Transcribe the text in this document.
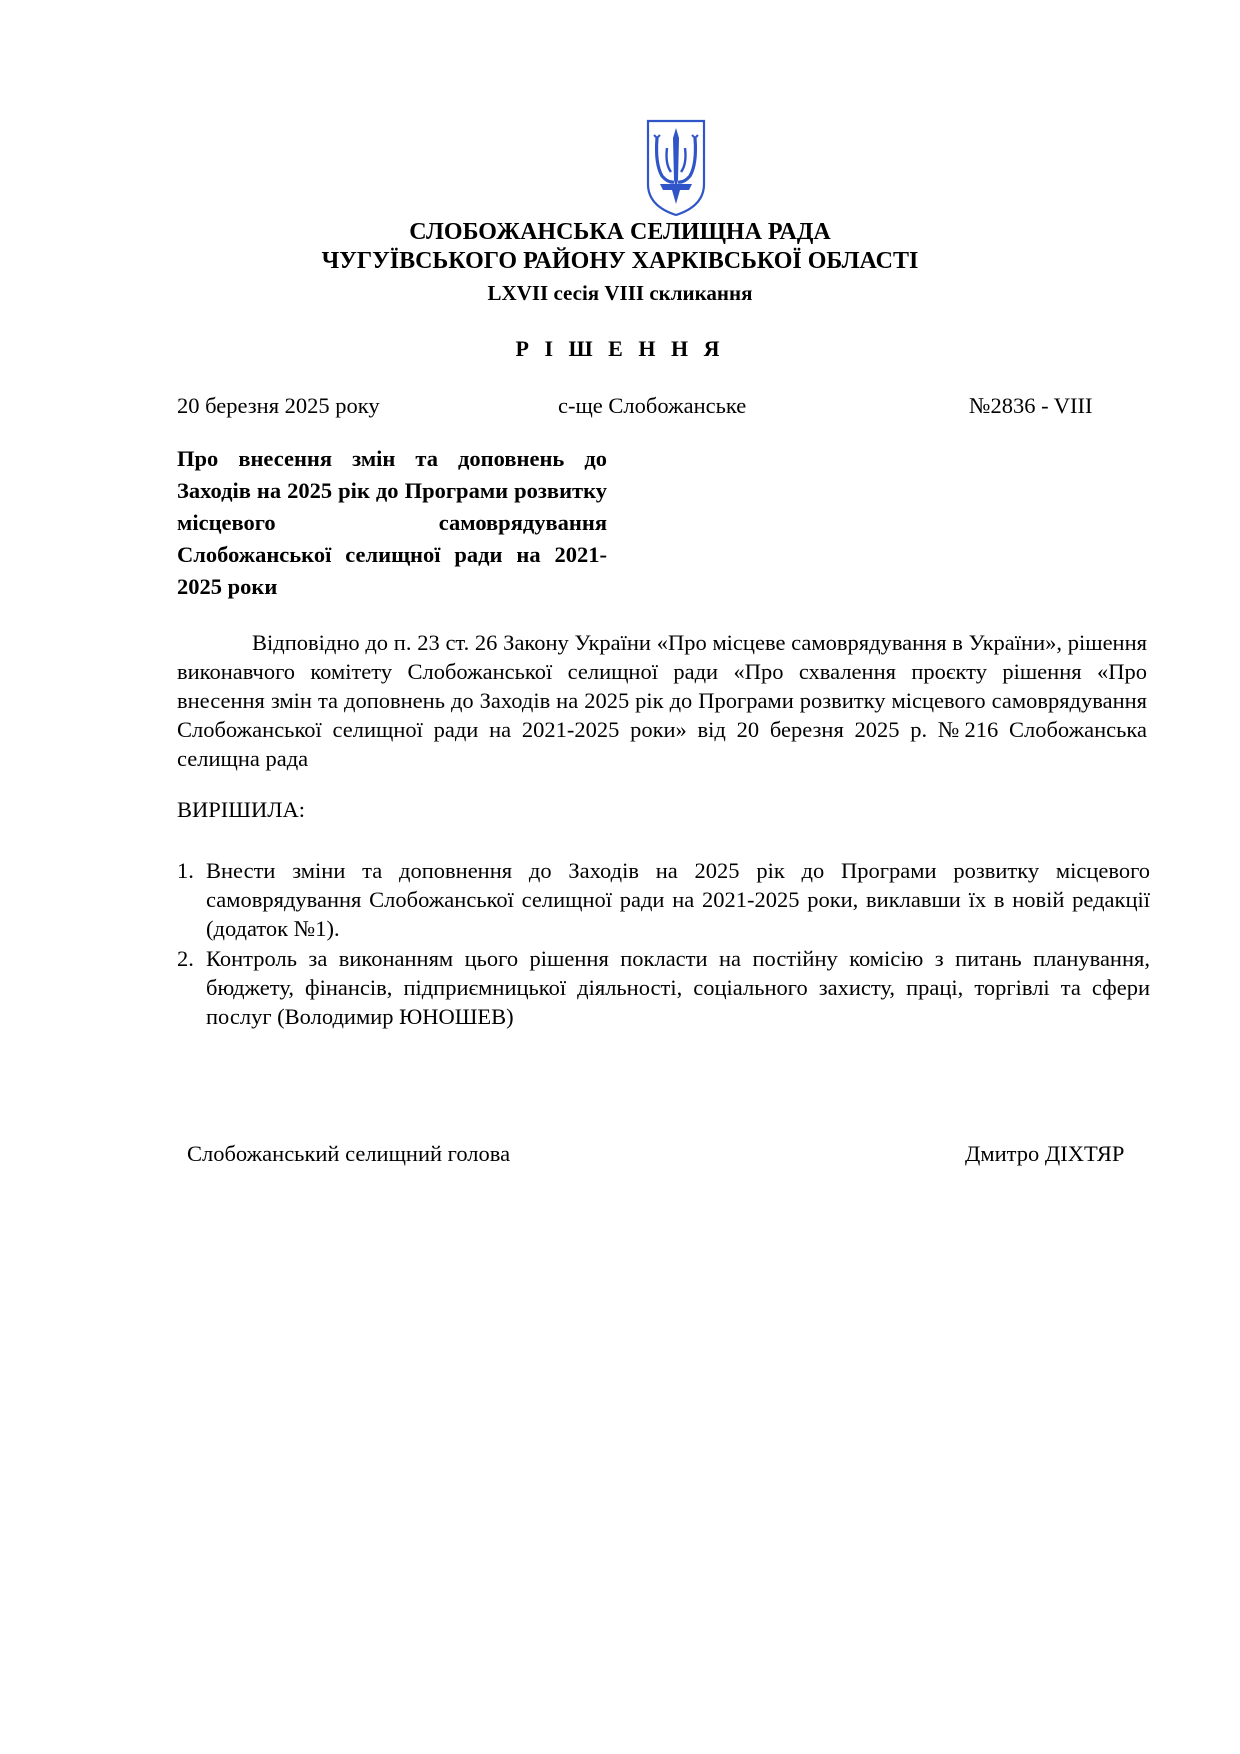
СЛОБОЖАНСЬКА СЕЛИЩНА РАДА
ЧУГУЇВСЬКОГО РАЙОНУ ХАРКІВСЬКОЇ ОБЛАСТІ
LXVII сесія VIII скликання
Р І Ш Е Н Н Я
20 березня 2025 року	с-ще Слобожанське	№2836 - VIII
Про внесення змін та доповнень до Заходів на 2025 рік до Програми розвитку місцевого самоврядування Слобожанської селищної ради на 2021-2025 роки
Відповідно до п. 23 ст. 26 Закону України «Про місцеве самоврядування в України», рішення виконавчого комітету Слобожанської селищної ради «Про схвалення проєкту рішення «Про внесення змін та доповнень до Заходів на 2025 рік до Програми розвитку місцевого самоврядування Слобожанської селищної ради на 2021-2025 роки» від 20 березня 2025 р. №216 Слобожанська селищна рада
ВИРІШИЛА:
1. Внести зміни та доповнення до Заходів на 2025 рік до Програми розвитку місцевого самоврядування Слобожанської селищної ради на 2021-2025 роки, виклавши їх в новій редакції (додаток №1).
2. Контроль за виконанням цього рішення покласти на постійну комісію з питань планування, бюджету, фінансів, підприємницької діяльності, соціального захисту, праці, торгівлі та сфери послуг (Володимир ЮНОШЕВ)
Слобожанський селищний голова	Дмитро ДІХТЯР
